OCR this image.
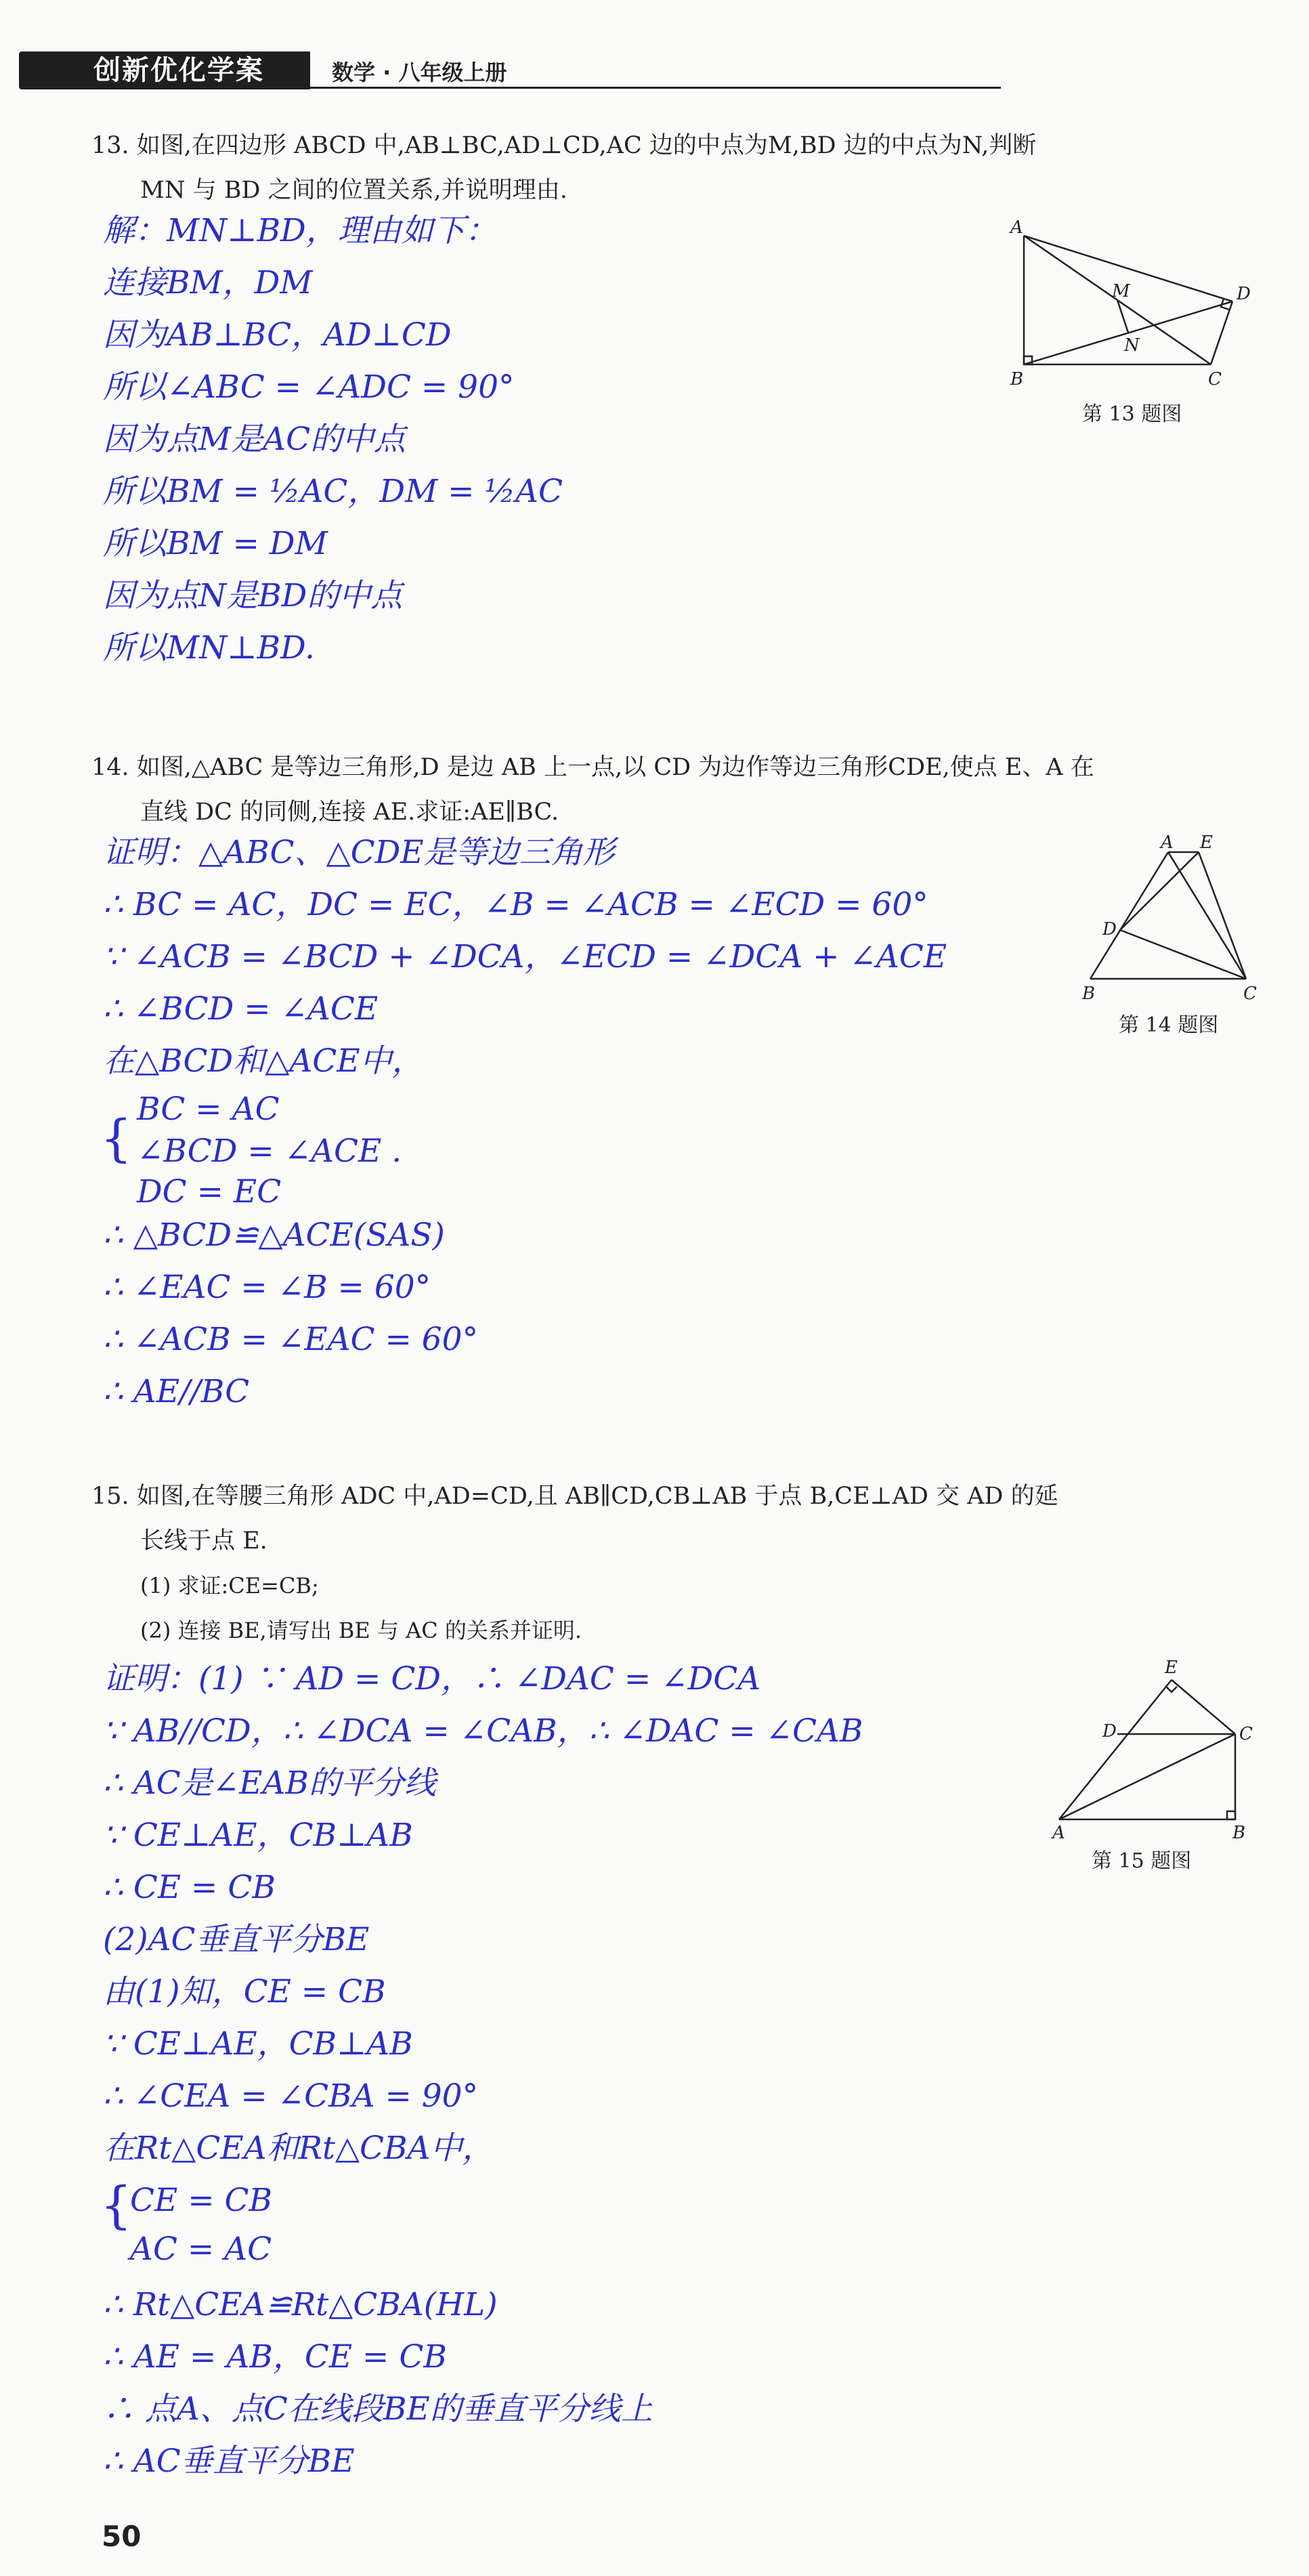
创新优化学案	数学 · 八年级上册
13. 如图,在四边形 ABCD 中,AB⊥BC,AD⊥CD,AC 边的中点为M,BD 边的中点为N,判断
MN 与 BD 之间的位置关系,并说明理由.
解：MN⊥BD，理由如下：
连接BM，DM
因为AB⊥BC，AD⊥CD
所以∠ABC = ∠ADC = 90°
因为点M是AC的中点
所以BM = ½AC，DM = ½AC
所以BM = DM
因为点N是BD的中点
所以MN⊥BD.
A
B	C
D
M
N
第 13 题图
14. 如图,△ABC 是等边三角形,D 是边 AB 上一点,以 CD 为边作等边三角形CDE,使点 E、A 在
直线 DC 的同侧,连接 AE.求证:AE∥BC.
证明：△ABC、△CDE是等边三角形
∴ BC = AC，DC = EC，∠B = ∠ACB = ∠ECD = 60°
∵ ∠ACB = ∠BCD + ∠DCA，∠ECD = ∠DCA + ∠ACE
∴ ∠BCD = ∠ACE
在△BCD和△ACE中，
{
BC = AC
∠BCD = ∠ACE .
DC = EC
∴ △BCD≌△ACE(SAS)
∴ ∠EAC = ∠B = 60°
∴ ∠ACB = ∠EAC = 60°
∴ AE//BC
A E
D
B	C
第 14 题图
15. 如图,在等腰三角形 ADC 中,AD=CD,且 AB∥CD,CB⊥AB 于点 B,CE⊥AD 交 AD 的延
长线于点 E.
(1) 求证:CE=CB;
(2) 连接 BE,请写出 BE 与 AC 的关系并证明.
证明：(1) ∵ AD = CD，∴ ∠DAC = ∠DCA
∵ AB//CD，∴ ∠DCA = ∠CAB，∴ ∠DAC = ∠CAB
∴ AC是∠EAB的平分线
∵ CE⊥AE，CB⊥AB
∴ CE = CB
(2)AC垂直平分BE
由(1)知，CE = CB
∵ CE⊥AE，CB⊥AB
∴ ∠CEA = ∠CBA = 90°
在Rt△CEA和Rt△CBA中，
{
CE = CB
AC = AC
∴ Rt△CEA≌Rt△CBA(HL)
∴ AE = AB，CE = CB
∴ 点A、点C在线段BE的垂直平分线上
∴ AC垂直平分BE
E
D	C
A	B
第 15 题图
50
